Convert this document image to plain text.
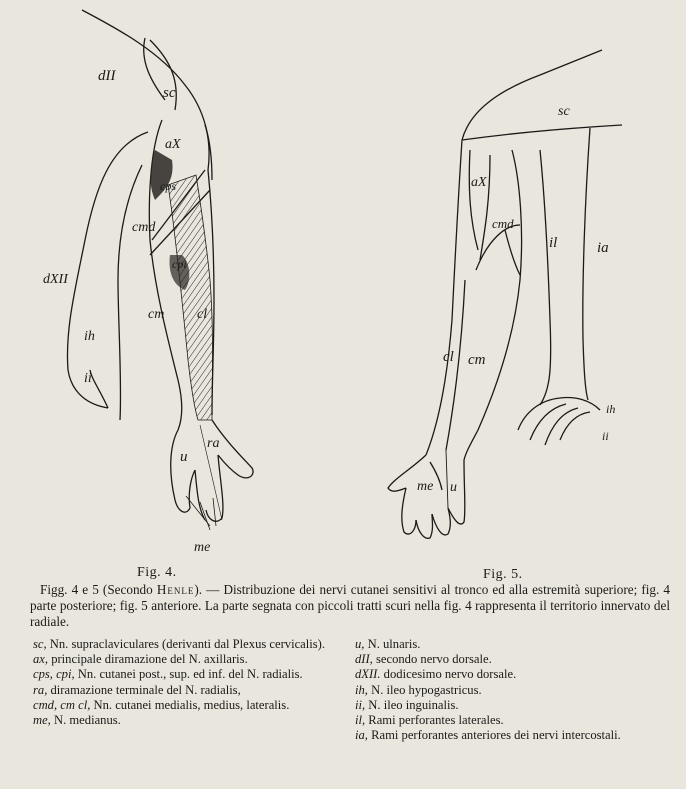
dII
sc
aX
cmd
cps
cpi
dXII
ih
ii
cm cl
ra
u
me
sc
aX
cmd
il	ia
cl cm
ih
ii
me u
Fig. 4.	Fig. 5.
Figg. 4 e 5 (Secondo Henle). — Distribuzione dei nervi cutanei sensitivi al tronco ed alla estremità superiore; fig. 4 parte posteriore; fig. 5 anteriore. La parte segnata con piccoli tratti scuri nella fig. 4 rappresenta il territorio innervato del radiale.
sc, Nn. supraclaviculares (derivanti dal Plexus cervicalis).
ax, principale diramazione del N. axillaris.
cps, cpi, Nn. cutanei post., sup. ed inf. del N. radialis.
ra, diramazione terminale del N. radialis,
cmd, cm cl, Nn. cutanei medialis, medius, lateralis.
me, N. medianus.
u, N. ulnaris.
dII, secondo nervo dorsale.
dXII. dodicesimo nervo dorsale.
ih, N. ileo hypogastricus.
ii, N. ileo inguinalis.
il, Rami perforantes laterales.
ia, Rami perforantes anteriores dei nervi intercostali.
